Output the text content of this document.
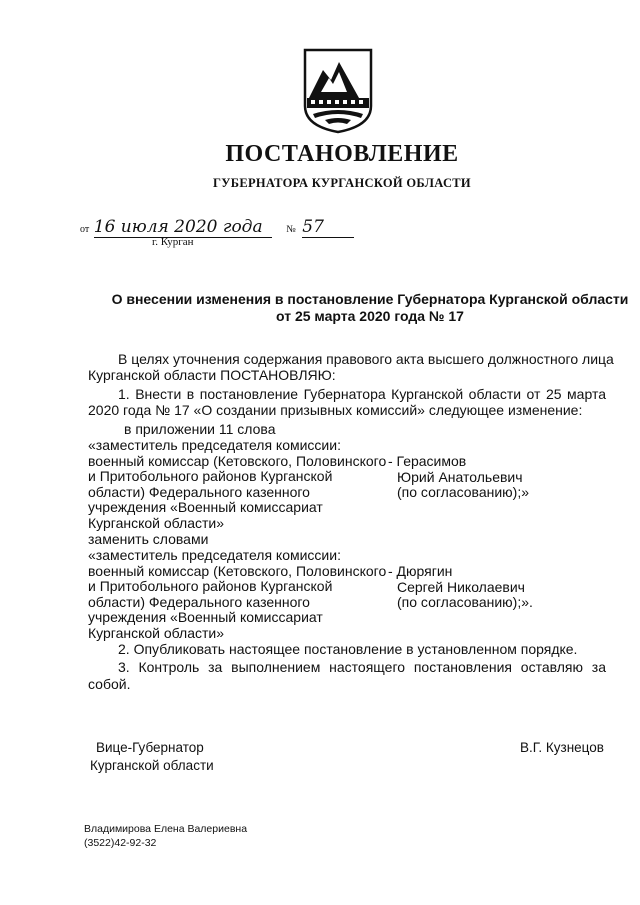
ПОСТАНОВЛЕНИЕ
ГУБЕРНАТОРА КУРГАНСКОЙ ОБЛАСТИ
от 16 июля 2020 года № 57
г. Курган
О внесении изменения в постановление Губернатора Курганской области
от 25 марта 2020 года № 17
В целях уточнения содержания правового акта высшего должностного лица
Курганской области ПОСТАНОВЛЯЮ:
1. Внести в постановление Губернатора Курганской области от 25 марта
2020 года № 17 «О создании призывных комиссий» следующее изменение:
в приложении 11 слова
«заместитель председателя комиссии:
военный комиссар (Кетовского, Половинского
и Притобольного районов Курганской
области) Федерального казенного
учреждения «Военный комиссариат
Курганской области»
- Герасимов
Юрий Анатольевич
(по согласованию);»
заменить словами
«заместитель председателя комиссии:
военный комиссар (Кетовского, Половинского
и Притобольного районов Курганской
области) Федерального казенного
учреждения «Военный комиссариат
Курганской области»
- Дюрягин
Сергей Николаевич
(по согласованию);».
2. Опубликовать настоящее постановление в установленном порядке.
3. Контроль за выполнением настоящего постановления оставляю за
собой.
Вице-Губернатор
Курганской области
В.Г. Кузнецов
Владимирова Елена Валериевна
(3522)42-92-32
